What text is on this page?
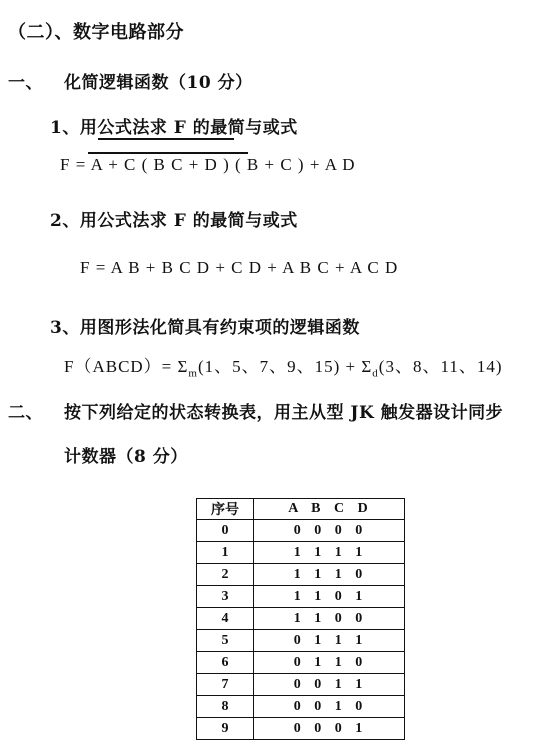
（二）、数字电路部分
一、 化简逻辑函数（10 分）
1、用公式法求 F 的最简与或式
F = A + C ( B C + D ) ( B + C ) + A D
2、用公式法求 F 的最简与或式
F = A B + B C D + C D + A B C + A C D
3、用图形法化简具有约束项的逻辑函数
F（ABCD）= $\Sigma_m(1$、5、7、9、$15) + \Sigma_d(3$、8、11、14)
二、 按下列给定的状态转换表，用主从型 JK 触发器设计同步
计数器（8 分）
序号	A B C D
0	0 0 0 0
1	1 1 1 1
2	1 1 1 0
3	1 1 0 1
4	1 1 0 0
5	0 1 1 1
6	0 1 1 0
7	0 0 1 1
8	0 0 1 0
9	0 0 0 1
